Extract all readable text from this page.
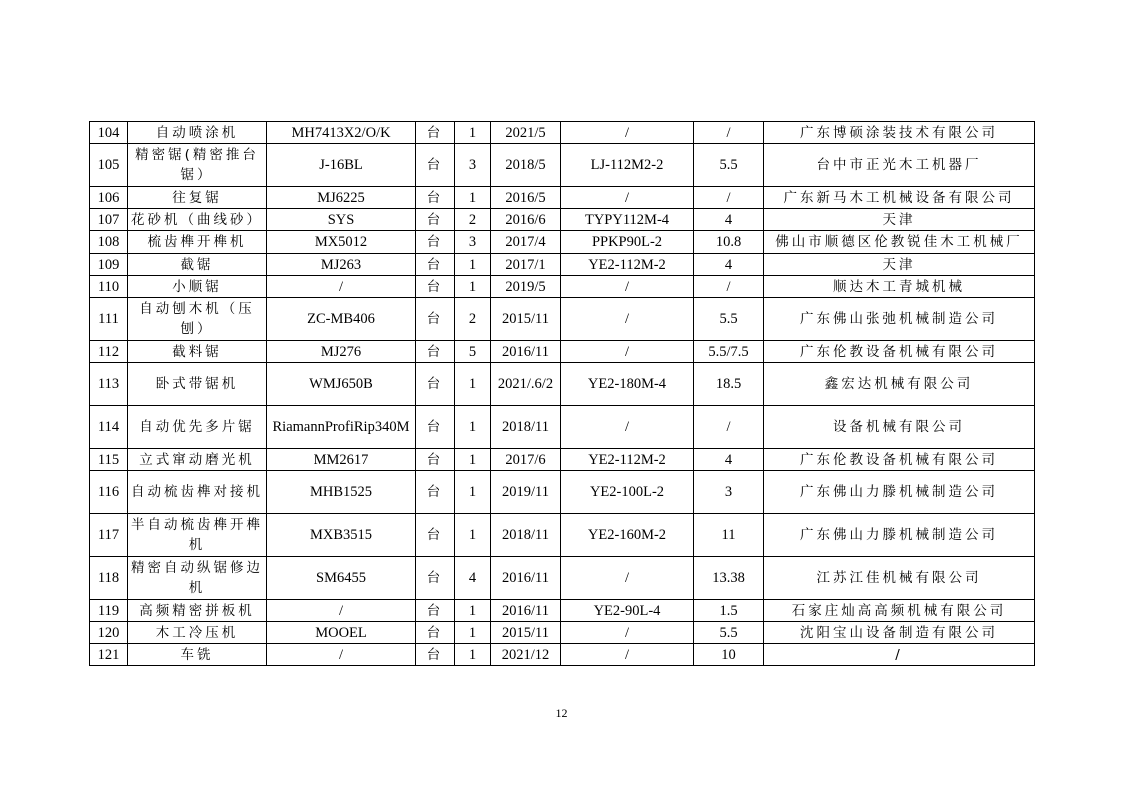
104	自动喷涂机	MH7413X2/O/K	台	1	2021/5	/	/	广东博硕涂装技术有限公司
105	精密锯(精密推台锯）	J-16BL	台	3	2018/5	LJ-112M2-2	5.5	台中市正光木工机器厂
106	往复锯	MJ6225	台	1	2016/5	/	/	广东新马木工机械设备有限公司
107	花砂机（曲线砂）	SYS	台	2	2016/6	TYPY112M-4	4	天津
108	梳齿榫开榫机	MX5012	台	3	2017/4	PPKP90L-2	10.8	佛山市顺德区伦教锐佳木工机械厂
109	截锯	MJ263	台	1	2017/1	YE2-112M-2	4	天津
110	小顺锯	/	台	1	2019/5	/	/	顺达木工青城机械
111	自动刨木机（压刨）	ZC-MB406	台	2	2015/11	/	5.5	广东佛山张弛机械制造公司
112	截料锯	MJ276	台	5	2016/11	/	5.5/7.5	广东伦教设备机械有限公司
113	卧式带锯机	WMJ650B	台	1	2021/.6/2	YE2-180M-4	18.5	鑫宏达机械有限公司
114	自动优先多片锯	RiamannProfiRip340M	台	1	2018/11	/	/	设备机械有限公司
115	立式窜动磨光机	MM2617	台	1	2017/6	YE2-112M-2	4	广东伦教设备机械有限公司
116	自动梳齿榫对接机	MHB1525	台	1	2019/11	YE2-100L-2	3	广东佛山力滕机械制造公司
117	半自动梳齿榫开榫机	MXB3515	台	1	2018/11	YE2-160M-2	11	广东佛山力滕机械制造公司
118	精密自动纵锯修边机	SM6455	台	4	2016/11	/	13.38	江苏江佳机械有限公司
119	高频精密拼板机	/	台	1	2016/11	YE2-90L-4	1.5	石家庄灿高高频机械有限公司
120	木工冷压机	MOOEL	台	1	2015/11	/	5.5	沈阳宝山设备制造有限公司
121	车铣	/	台	1	2021/12	/	10	/
12
